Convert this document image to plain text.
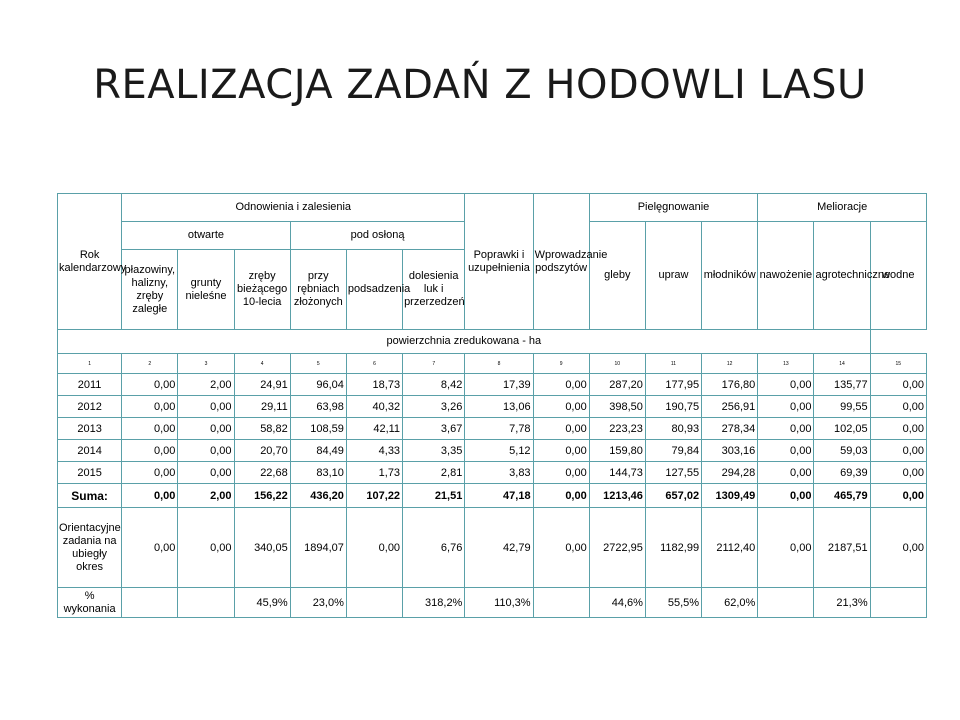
REALIZACJA ZADAŃ Z HODOWLI LASU
Rok kalendarzowy	Odnowienia i zalesienia						Poprawki i uzupełnienia	Wprowadzanie podszytów	Pielęgnowanie			Melioracje		
	otwarte			pod osłoną					gleby	upraw	młodników	nawożenie	agrotechniczne	wodne
	płazowiny, halizny, zręby zaległe	grunty nieleśne	zręby bieżącego 10-lecia	przy rębniach złożonych	podsadzenia	dolesienia luk i przerzedzeń								
powierzchnia zredukowana - ha														
1	2	3	4	5	6	7	8	9	10	11	12	13	14	15
2011	0,00	2,00	24,91	96,04	18,73	8,42	17,39	0,00	287,20	177,95	176,80	0,00	135,77	0,00
2012	0,00	0,00	29,11	63,98	40,32	3,26	13,06	0,00	398,50	190,75	256,91	0,00	99,55	0,00
2013	0,00	0,00	58,82	108,59	42,11	3,67	7,78	0,00	223,23	80,93	278,34	0,00	102,05	0,00
2014	0,00	0,00	20,70	84,49	4,33	3,35	5,12	0,00	159,80	79,84	303,16	0,00	59,03	0,00
2015	0,00	0,00	22,68	83,10	1,73	2,81	3,83	0,00	144,73	127,55	294,28	0,00	69,39	0,00
Suma:	0,00	2,00	156,22	436,20	107,22	21,51	47,18	0,00	1213,46	657,02	1309,49	0,00	465,79	0,00
Orientacyjne zadania na ubiegły okres	0,00	0,00	340,05	1894,07	0,00	6,76	42,79	0,00	2722,95	1182,99	2112,40	0,00	2187,51	0,00
% wykonania			45,9%	23,0%		318,2%	110,3%		44,6%	55,5%	62,0%		21,3%	
